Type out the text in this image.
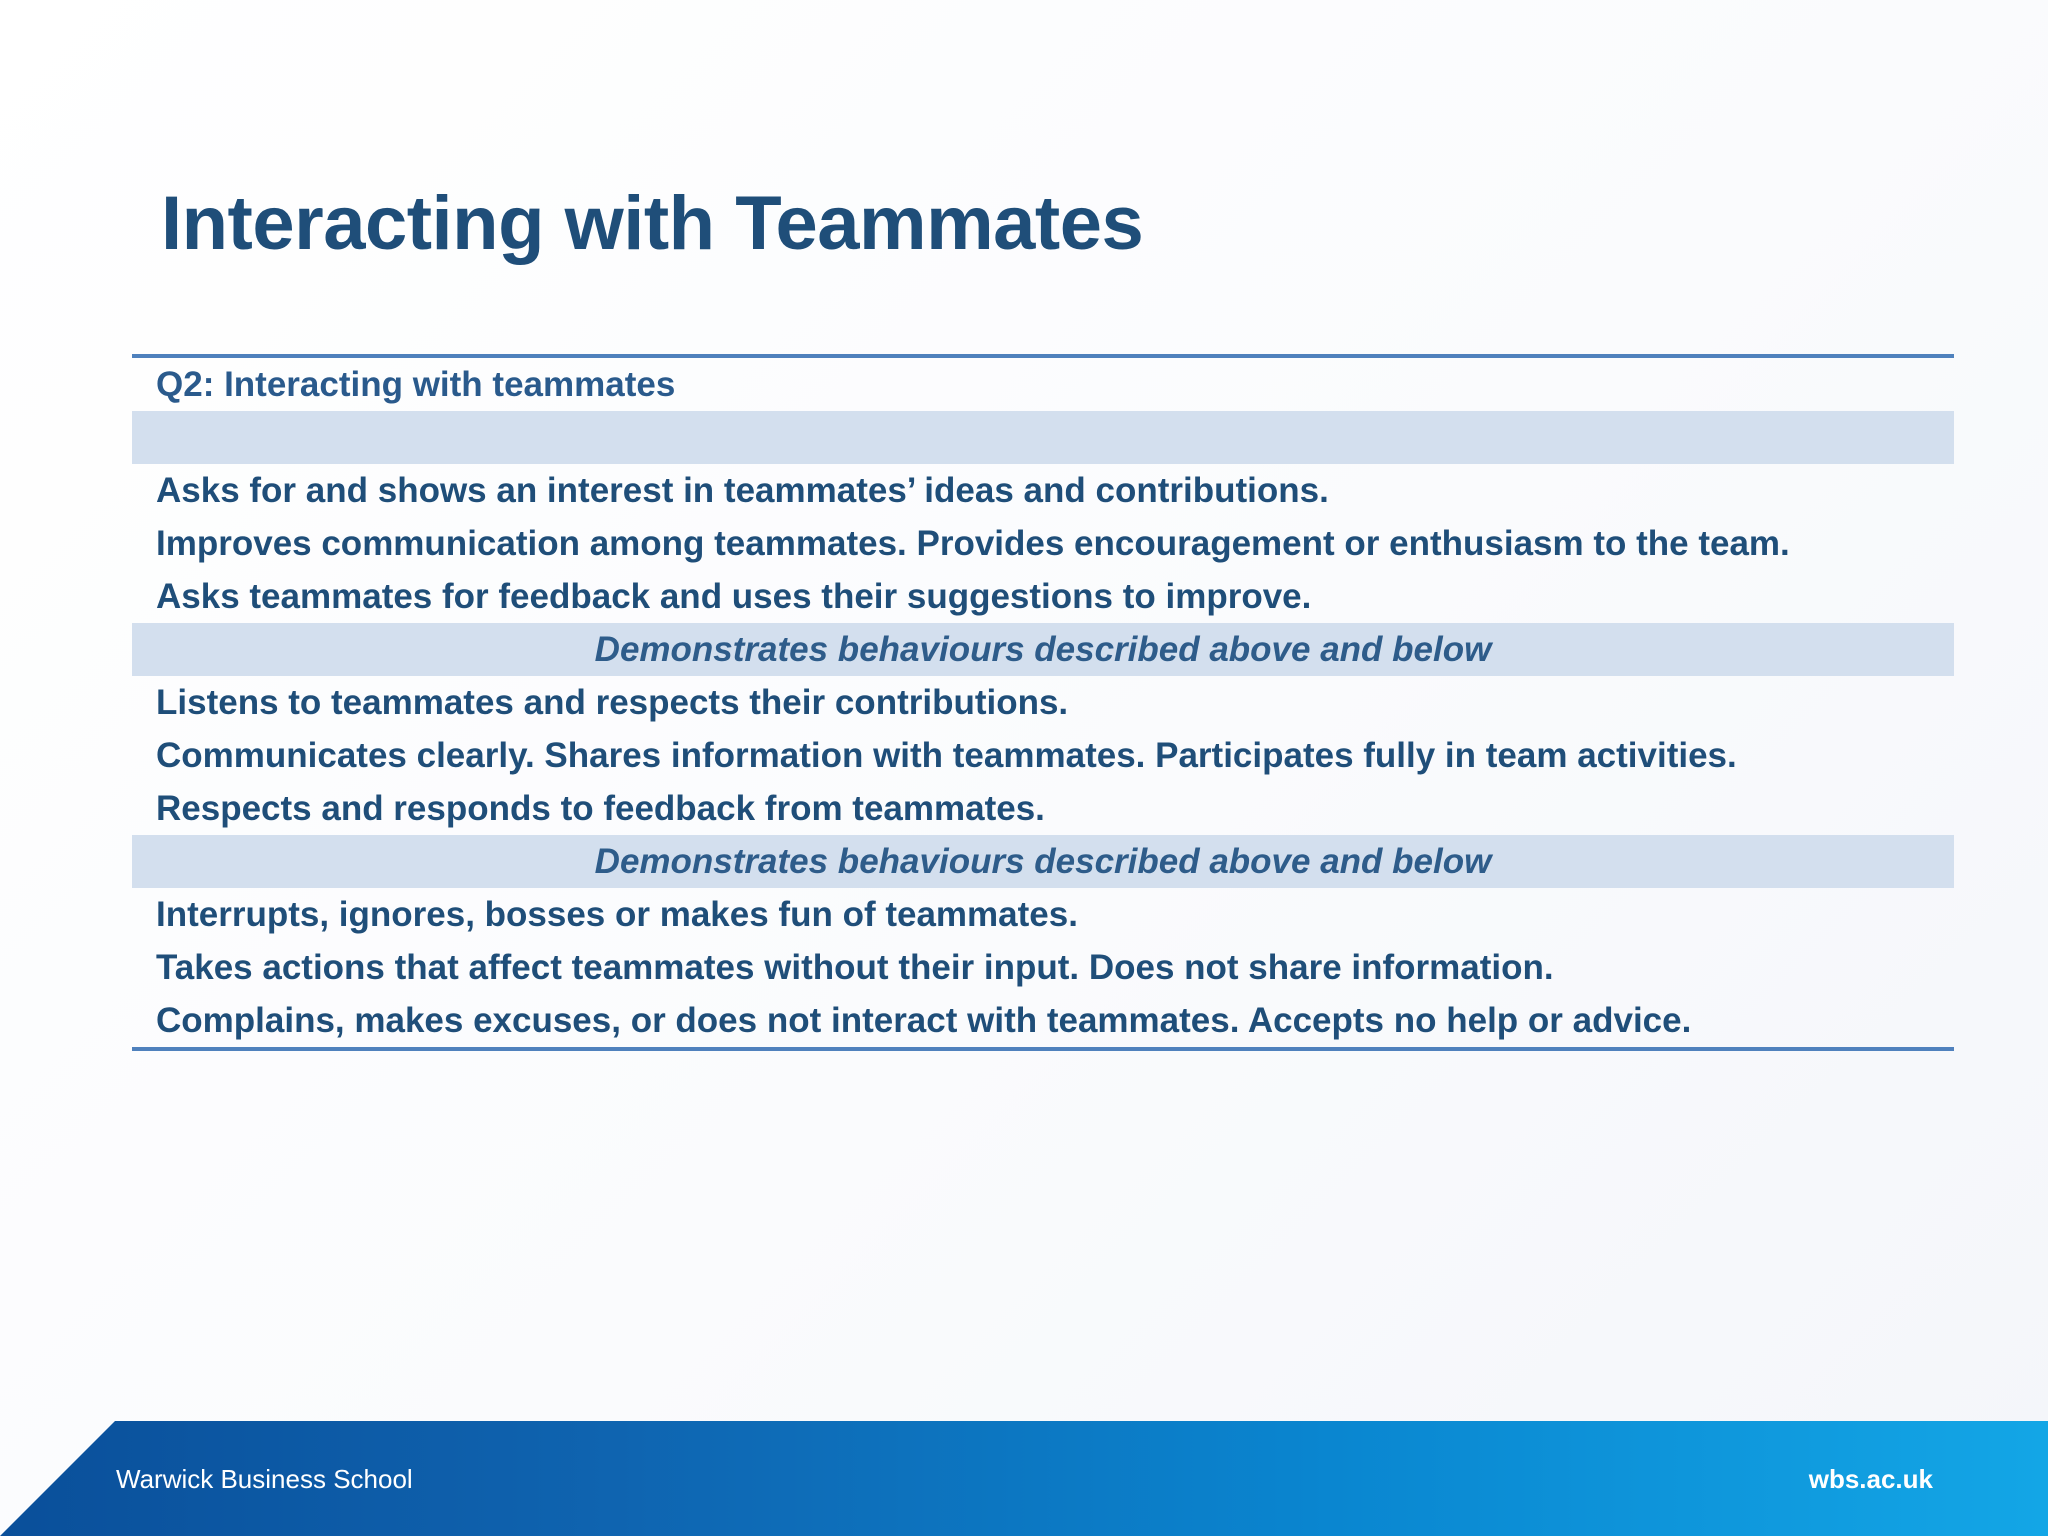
Interacting with Teammates
Q2: Interacting with teammates
Asks for and shows an interest in teammates’ ideas and contributions.
Improves communication among teammates. Provides encouragement or enthusiasm to the team.
Asks teammates for feedback and uses their suggestions to improve.
Demonstrates behaviours described above and below
Listens to teammates and respects their contributions.
Communicates clearly. Shares information with teammates. Participates fully in team activities.
Respects and responds to feedback from teammates.
Demonstrates behaviours described above and below
Interrupts, ignores, bosses or makes fun of teammates.
Takes actions that affect teammates without their input. Does not share information.
Complains, makes excuses, or does not interact with teammates. Accepts no help or advice.
Warwick Business School	wbs.ac.uk
